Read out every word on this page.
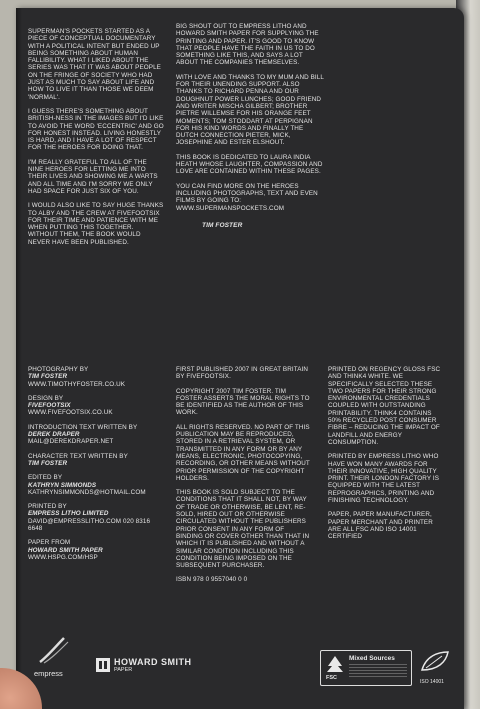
SUPERMAN'S POCKETS STARTED AS A PIECE OF CONCEPTUAL DOCUMENTARY WITH A POLITICAL INTENT BUT ENDED UP BEING SOMETHING ABOUT HUMAN FALLIBILITY. WHAT I LIKED ABOUT THE SERIES WAS THAT IT WAS ABOUT PEOPLE ON THE FRINGE OF SOCIETY WHO HAD JUST AS MUCH TO SAY ABOUT LIFE AND HOW TO LIVE IT THAN THOSE WE DEEM 'NORMAL'.

I GUESS THERE'S SOMETHING ABOUT BRITISH-NESS IN THE IMAGES BUT I'D LIKE TO AVOID THE WORD 'ECCENTRIC' AND GO FOR HONEST INSTEAD. LIVING HONESTLY IS HARD, AND I HAVE A LOT OF RESPECT FOR THE HEROES FOR DOING THAT.

I'M REALLY GRATEFUL TO ALL OF THE NINE HEROES FOR LETTING ME INTO THEIR LIVES AND SHOWING ME A WARTS AND ALL TIME AND I'M SORRY WE ONLY HAD SPACE FOR JUST SIX OF YOU.

I WOULD ALSO LIKE TO SAY HUGE THANKS TO ALBY AND THE CREW AT FIVEFOOTSIX FOR THEIR TIME AND PATIENCE WITH ME WHEN PUTTING THIS TOGETHER. WITHOUT THEM, THE BOOK WOULD NEVER HAVE BEEN PUBLISHED.

BIG SHOUT OUT TO EMPRESS LITHO AND HOWARD SMITH PAPER FOR SUPPLYING THE PRINTING AND PAPER. IT'S GOOD TO KNOW THAT PEOPLE HAVE THE FAITH IN US TO DO SOMETHING LIKE THIS, AND SAYS A LOT ABOUT THE COMPANIES THEMSELVES.

WITH LOVE AND THANKS TO MY MUM AND BILL FOR THEIR UNENDING SUPPORT. ALSO THANKS TO RICHARD PENNA AND OUR DOUGHNUT POWER LUNCHES; GOOD FRIEND AND WRITER MISCHA GILBERT; BROTHER PIETRE WILLEMSE FOR HIS ORANGE FEET MOMENTS; TOM STODDART AT PERPIGNAN FOR HIS KIND WORDS AND FINALLY THE DUTCH CONNECTION PIETER, MICK, JOSEPHINE AND ESTER ELSHOUT.

THIS BOOK IS DEDICATED TO LAURA INDIA HEATH WHOSE LAUGHTER, COMPASSION AND LOVE ARE CONTAINED WITHIN THESE PAGES.

YOU CAN FIND MORE ON THE HEROES INCLUDING PHOTOGRAPHS, TEXT AND EVEN FILMS BY GOING TO: WWW.SUPERMANSPOCKETS.COM

TIM FOSTER
PHOTOGRAPHY BY
TIM FOSTER
WWW.TIMOTHYFOSTER.CO.UK
DESIGN BY
FIVEFOOTSIX
WWW.FIVEFOOTSIX.CO.UK
INTRODUCTION TEXT WRITTEN BY
DEREK DRAPER
MAIL@DEREKDRAPER.NET
CHARACTER TEXT WRITTEN BY
TIM FOSTER
EDITED BY
KATHRYN SIMMONDS
KATHRYNSIMMONDS@HOTMAIL.COM
PRINTED BY
EMPRESS LITHO LIMITED
DAVID@EMPRESSLITHO.COM 020 8316 6648
PAPER FROM
HOWARD SMITH PAPER
WWW.HSPG.COM/HSP

FIRST PUBLISHED 2007 IN GREAT BRITAIN BY FIVEFOOTSIX.

COPYRIGHT 2007 TIM FOSTER. TIM FOSTER ASSERTS THE MORAL RIGHTS TO BE IDENTIFIED AS THE AUTHOR OF THIS WORK.

ALL RIGHTS RESERVED. NO PART OF THIS PUBLICATION MAY BE REPRODUCED, STORED IN A RETRIEVAL SYSTEM, OR TRANSMITTED IN ANY FORM OR BY ANY MEANS, ELECTRONIC, PHOTOCOPYING, RECORDING, OR OTHER MEANS WITHOUT PRIOR PERMISSION OF THE COPYRIGHT HOLDERS.

THIS BOOK IS SOLD SUBJECT TO THE CONDITIONS THAT IT SHALL NOT, BY WAY OF TRADE OR OTHERWISE, BE LENT, RE-SOLD, HIRED OUT OR OTHERWISE CIRCULATED WITHOUT THE PUBLISHERS PRIOR CONSENT IN ANY FORM OF BINDING OR COVER OTHER THAN THAT IN WHICH IT IS PUBLISHED AND WITHOUT A SIMILAR CONDITION INCLUDING THIS CONDITION BEING IMPOSED ON THE SUBSEQUENT PURCHASER.

ISBN 978 0 9557040 0 0

PRINTED ON REGENCY GLOSS FSC AND THINK4 WHITE. WE SPECIFICALLY SELECTED THESE TWO PAPERS FOR THEIR STRONG ENVIRONMENTAL CREDENTIALS COUPLED WITH OUTSTANDING PRINTABILITY. THINK4 CONTAINS 50% RECYCLED POST CONSUMER FIBRE – REDUCING THE IMPACT OF LANDFILL AND ENERGY CONSUMPTION.

PRINTED BY EMPRESS LITHO WHO HAVE WON MANY AWARDS FOR THEIR INNOVATIVE, HIGH QUALITY PRINT. THEIR LONDON FACTORY IS EQUIPPED WITH THE LATEST REPROGRAPHICS, PRINTING AND FINISHING TECHNOLOGY.

PAPER, PAPER MANUFACTURER, PAPER MERCHANT AND PRINTER ARE ALL FSC AND ISO 14001 CERTIFIED

empress
HOWARD SMITH
PAPER
FSC
Mixed Sources
ISO 14001
